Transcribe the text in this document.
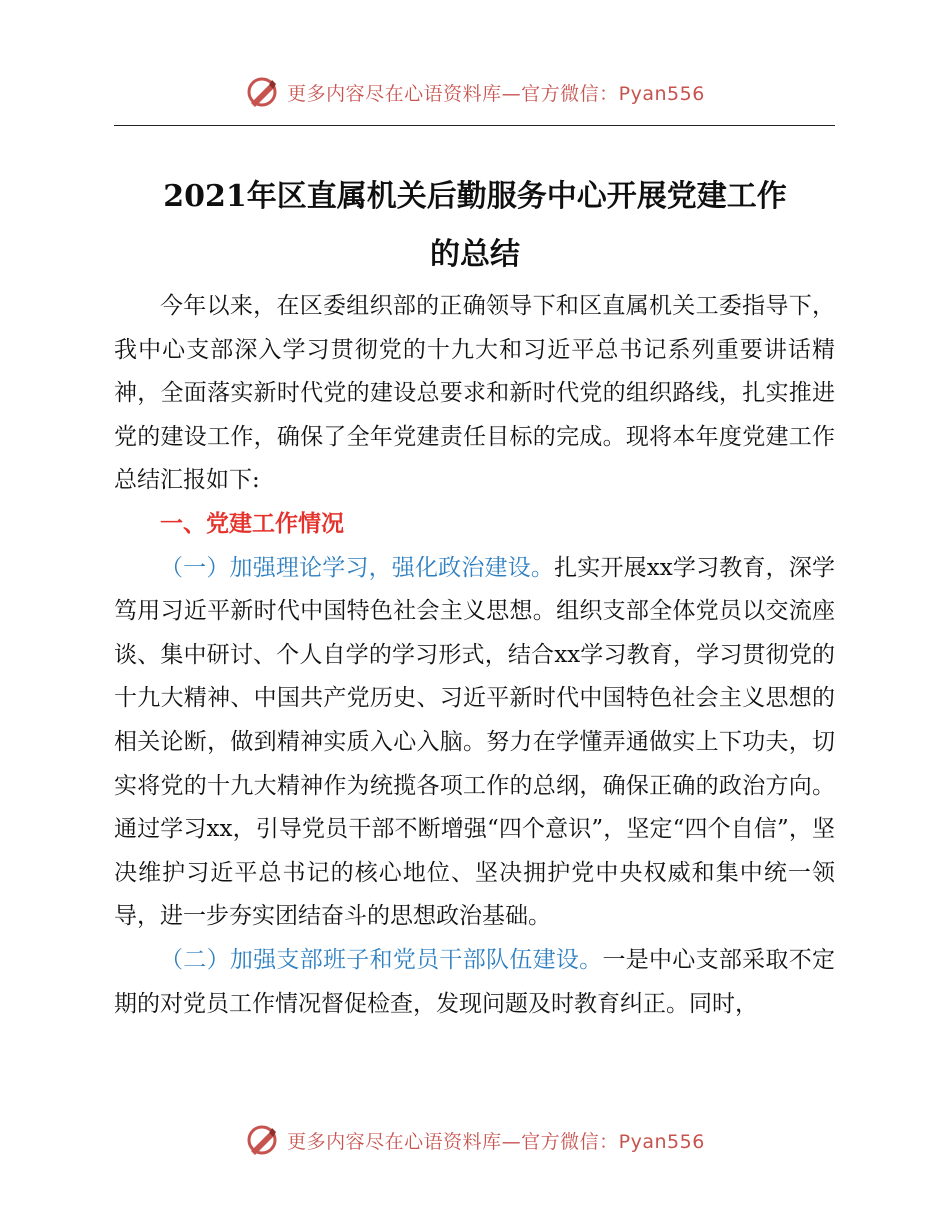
更多内容尽在心语资料库—官方微信：Pyan556
2021年区直属机关后勤服务中心开展党建工作
的总结

今年以来，在区委组织部的正确领导下和区直属机关工委指导下，我中心支部深入学习贯彻党的十九大和习近平总书记系列重要讲话精神，全面落实新时代党的建设总要求和新时代党的组织路线，扎实推进党的建设工作，确保了全年党建责任目标的完成。现将本年度党建工作总结汇报如下:

一、党建工作情况

（一）加强理论学习，强化政治建设。扎实开展xx学习教育，深学笃用习近平新时代中国特色社会主义思想。组织支部全体党员以交流座谈、集中研讨、个人自学的学习形式，结合xx学习教育，学习贯彻党的十九大精神、中国共产党历史、习近平新时代中国特色社会主义思想的相关论断，做到精神实质入心入脑。努力在学懂弄通做实上下功夫，切实将党的十九大精神作为统揽各项工作的总纲，确保正确的政治方向。通过学习xx，引导党员干部不断增强“四个意识”，坚定“四个自信”，坚决维护习近平总书记的核心地位、坚决拥护党中央权威和集中统一领导，进一步夯实团结奋斗的思想政治基础。

（二）加强支部班子和党员干部队伍建设。一是中心支部采取不定期的对党员工作情况督促检查，发现问题及时教育纠正。同时，

更多内容尽在心语资料库—官方微信：Pyan556
